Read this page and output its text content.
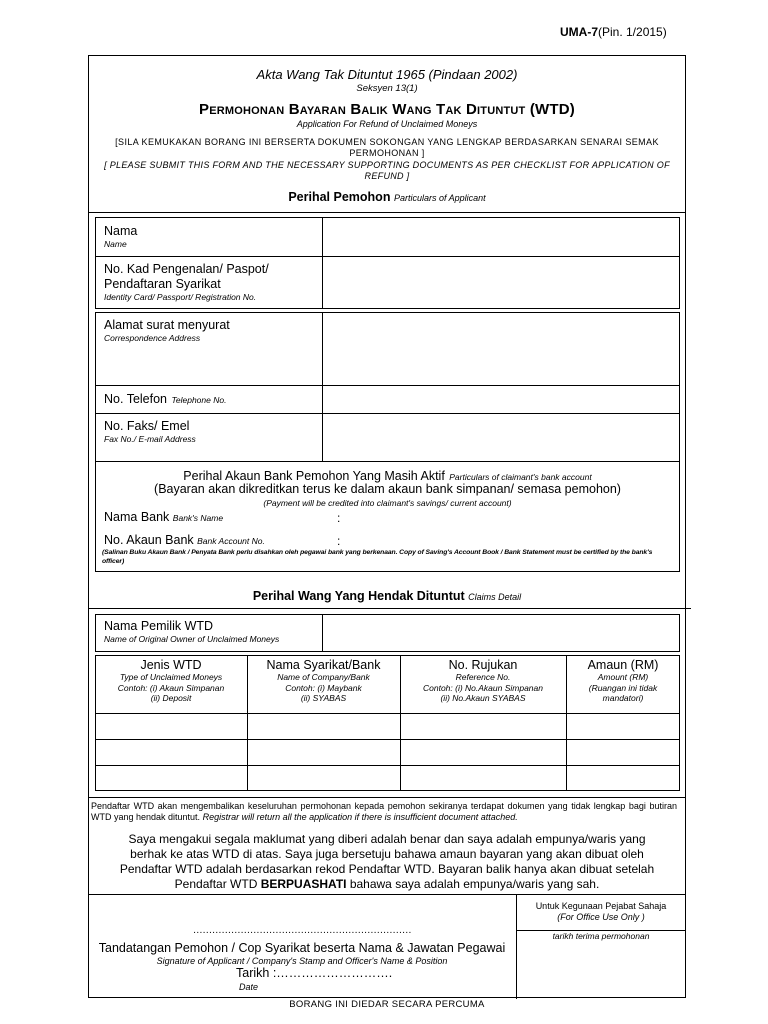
UMA-7(Pin. 1/2015)
Akta Wang Tak Dituntut 1965 (Pindaan 2002)
Seksyen 13(1)
Permohonan Bayaran Balik Wang Tak Dituntut (WTD)
Application For Refund of Unclaimed Moneys
[SILA KEMUKAKAN BORANG INI BERSERTA DOKUMEN SOKONGAN YANG LENGKAP BERDASARKAN SENARAI SEMAK PERMOHONAN ]
[ PLEASE SUBMIT THIS FORM AND THE NECESSARY SUPPORTING DOCUMENTS AS PER CHECKLIST FOR APPLICATION OF REFUND ]
Perihal Pemohon Particulars of Applicant
Nama
Name
No. Kad Pengenalan/ Paspot/
Pendaftaran Syarikat
Identity Card/ Passport/ Registration No.
Alamat surat menyurat
Correspondence Address
No. Telefon Telephone No.
No. Faks/ Emel
Fax No./ E-mail Address
Perihal Akaun Bank Pemohon Yang Masih Aktif Particulars of claimant's bank account
(Bayaran akan dikreditkan terus ke dalam akaun bank simpanan/ semasa pemohon)
(Payment will be credited into claimant's savings/ current account)
Nama Bank Bank's Name	:
No. Akaun Bank Bank Account No.	:
(Salinan Buku Akaun Bank / Penyata Bank perlu disahkan oleh pegawai bank yang berkenaan. Copy of Saving's Account Book / Bank Statement must be certified by the bank's officer)
Perihal Wang Yang Hendak Dituntut Claims Detail
Nama Pemilik WTD
Name of Original Owner of Unclaimed Moneys
Jenis WTD
Type of Unclaimed Moneys
Contoh: (i) Akaun Simpanan
(ii) Deposit
Nama Syarikat/Bank
Name of Company/Bank
Contoh: (i) Maybank
(ii) SYABAS
No. Rujukan
Reference No.
Contoh: (i) No.Akaun Simpanan
(ii) No.Akaun SYABAS
Amaun (RM)
Amount (RM)
(Ruangan ini tidak
mandatori)
Pendaftar WTD akan mengembalikan keseluruhan permohonan kepada pemohon sekiranya terdapat dokumen yang tidak lengkap bagi butiran WTD yang hendak dituntut. Registrar will return all the application if there is insufficient document attached.
Saya mengakui segala maklumat yang diberi adalah benar dan saya adalah empunya/waris yang
berhak ke atas WTD di atas. Saya juga bersetuju bahawa amaun bayaran yang akan dibuat oleh
Pendaftar WTD adalah berdasarkan rekod Pendaftar WTD. Bayaran balik hanya akan dibuat setelah
Pendaftar WTD BERPUASHATI bahawa saya adalah empunya/waris yang sah.
Untuk Kegunaan Pejabat Sahaja
(For Office Use Only )
tarikh terima permohonan
……………………………………………………………
Tandatangan Pemohon / Cop Syarikat beserta Nama & Jawatan Pegawai
Signature of Applicant / Company's Stamp and Officer's Name & Position
Tarikh :……………………….
Date
BORANG INI DIEDAR SECARA PERCUMA
